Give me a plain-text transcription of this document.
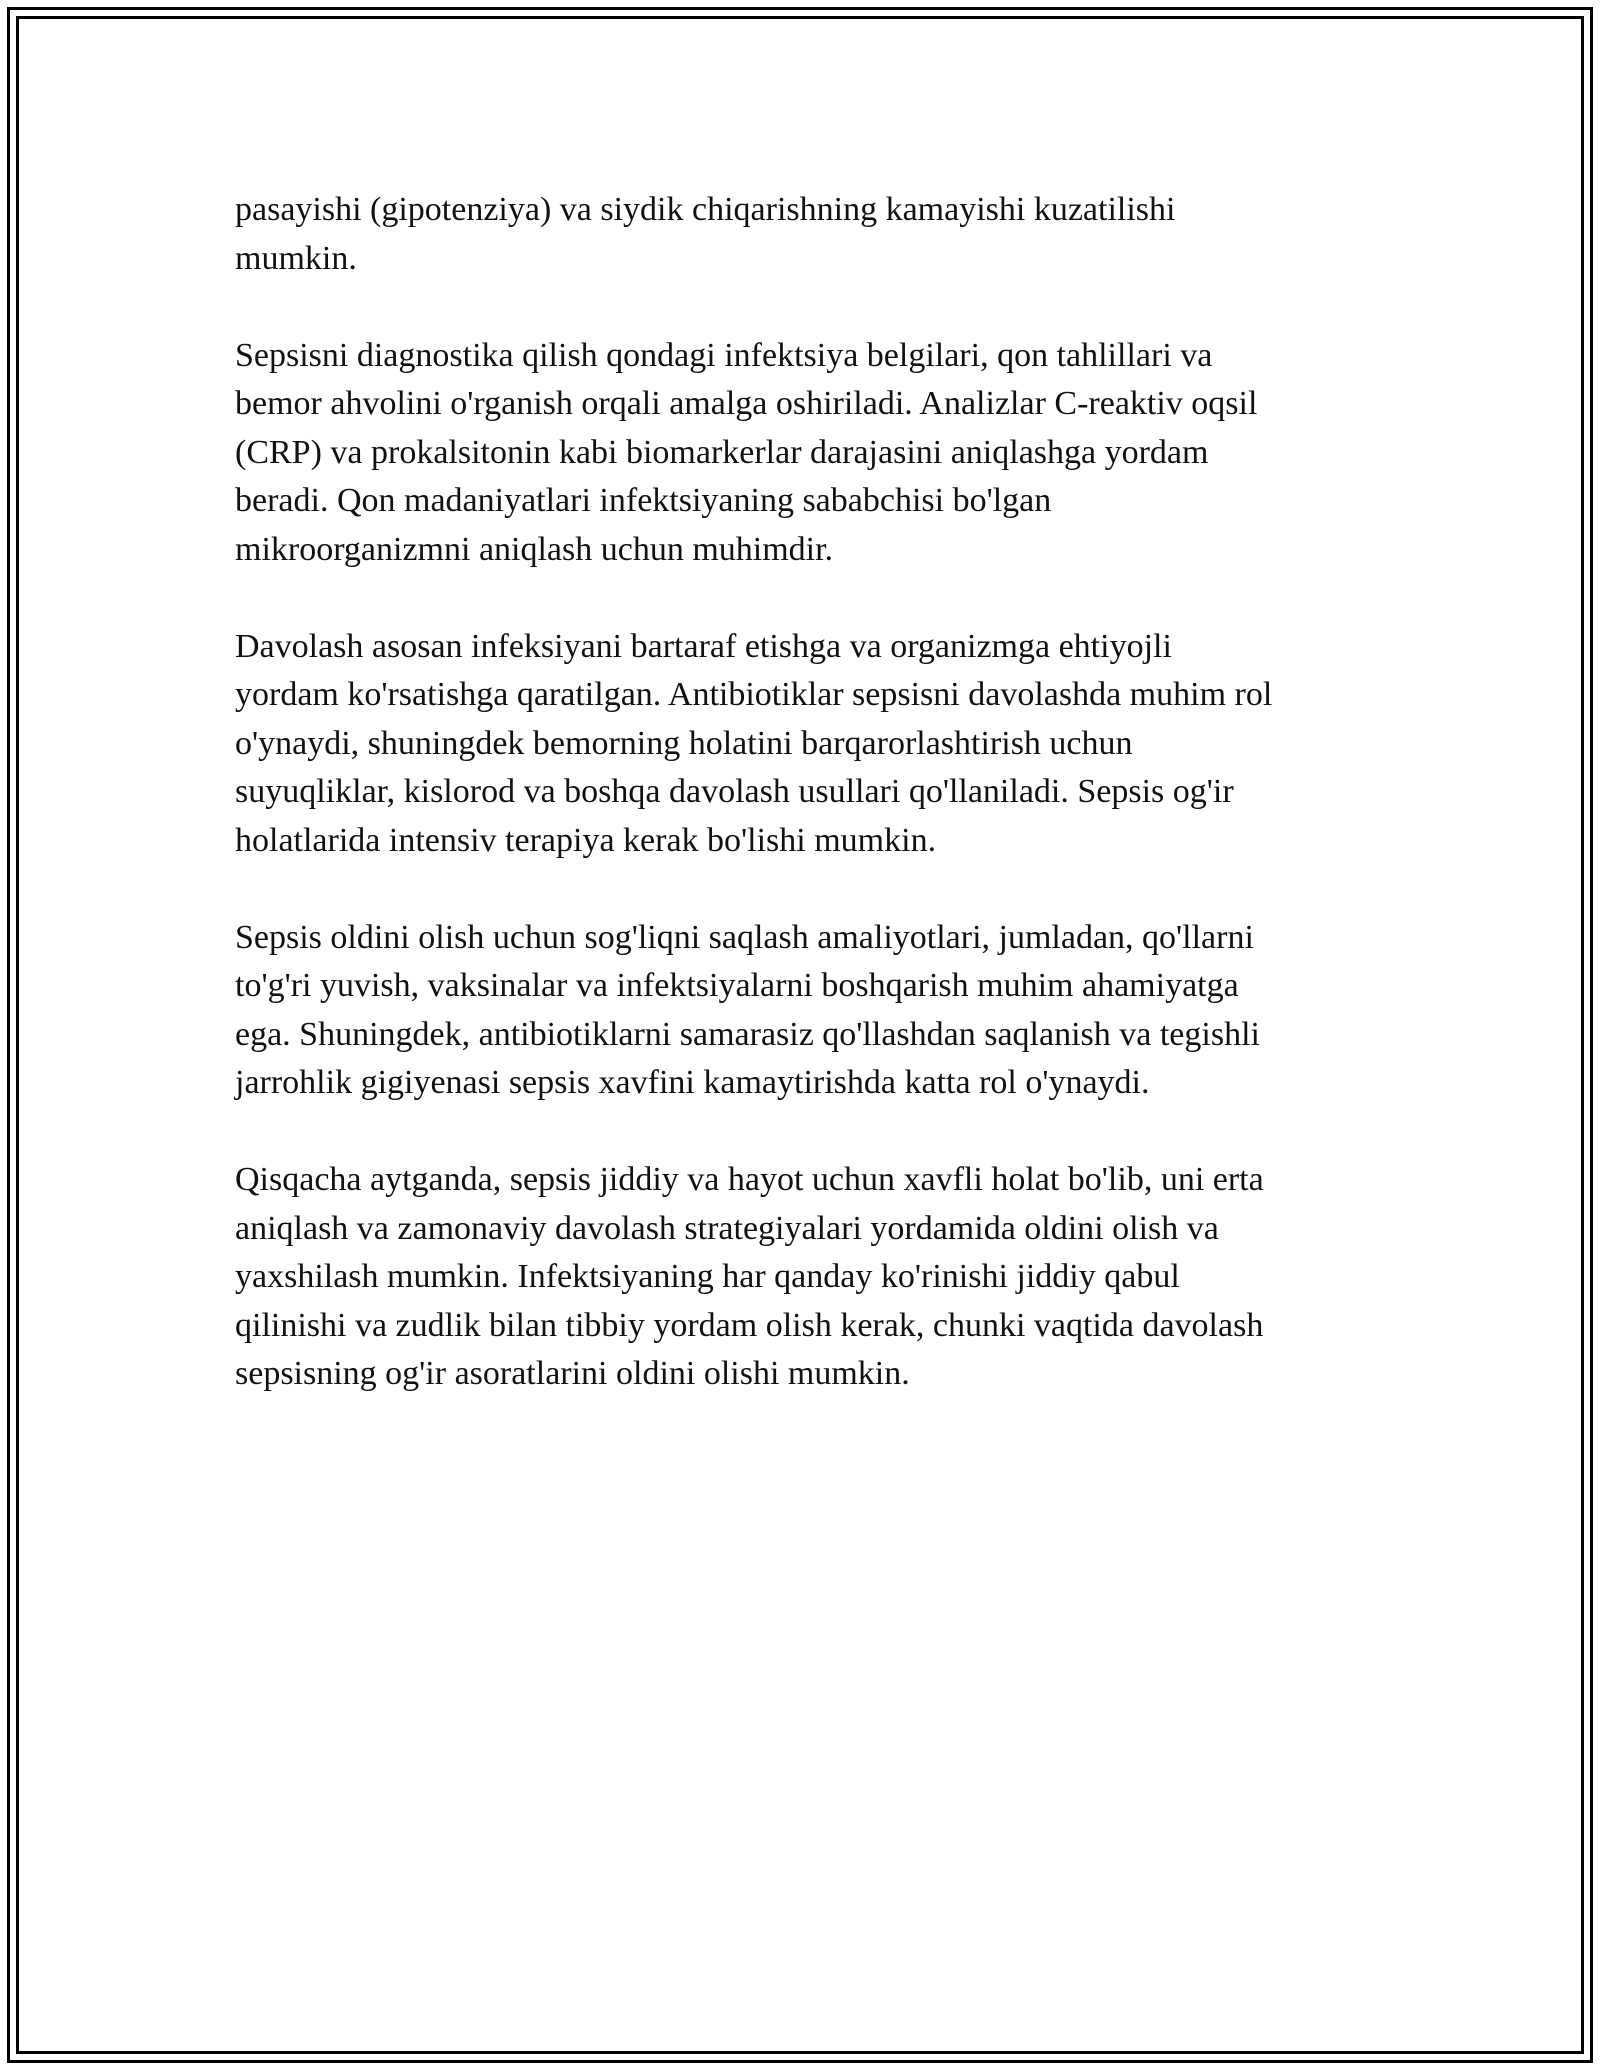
pasayishi (gipotenziya) va siydik chiqarishning kamayishi kuzatilishi
mumkin.

Sepsisni diagnostika qilish qondagi infektsiya belgilari, qon tahlillari va
bemor ahvolini o'rganish orqali amalga oshiriladi. Analizlar C-reaktiv oqsil
(CRP) va prokalsitonin kabi biomarkerlar darajasini aniqlashga yordam
beradi. Qon madaniyatlari infektsiyaning sababchisi bo'lgan
mikroorganizmni aniqlash uchun muhimdir.

Davolash asosan infeksiyani bartaraf etishga va organizmga ehtiyojli
yordam ko'rsatishga qaratilgan. Antibiotiklar sepsisni davolashda muhim rol
o'ynaydi, shuningdek bemorning holatini barqarorlashtirish uchun
suyuqliklar, kislorod va boshqa davolash usullari qo'llaniladi. Sepsis og'ir
holatlarida intensiv terapiya kerak bo'lishi mumkin.

Sepsis oldini olish uchun sog'liqni saqlash amaliyotlari, jumladan, qo'llarni
to'g'ri yuvish, vaksinalar va infektsiyalarni boshqarish muhim ahamiyatga
ega. Shuningdek, antibiotiklarni samarasiz qo'llashdan saqlanish va tegishli
jarrohlik gigiyenasi sepsis xavfini kamaytirishda katta rol o'ynaydi.

Qisqacha aytganda, sepsis jiddiy va hayot uchun xavfli holat bo'lib, uni erta
aniqlash va zamonaviy davolash strategiyalari yordamida oldini olish va
yaxshilash mumkin. Infektsiyaning har qanday ko'rinishi jiddiy qabul
qilinishi va zudlik bilan tibbiy yordam olish kerak, chunki vaqtida davolash
sepsisning og'ir asoratlarini oldini olishi mumkin.
